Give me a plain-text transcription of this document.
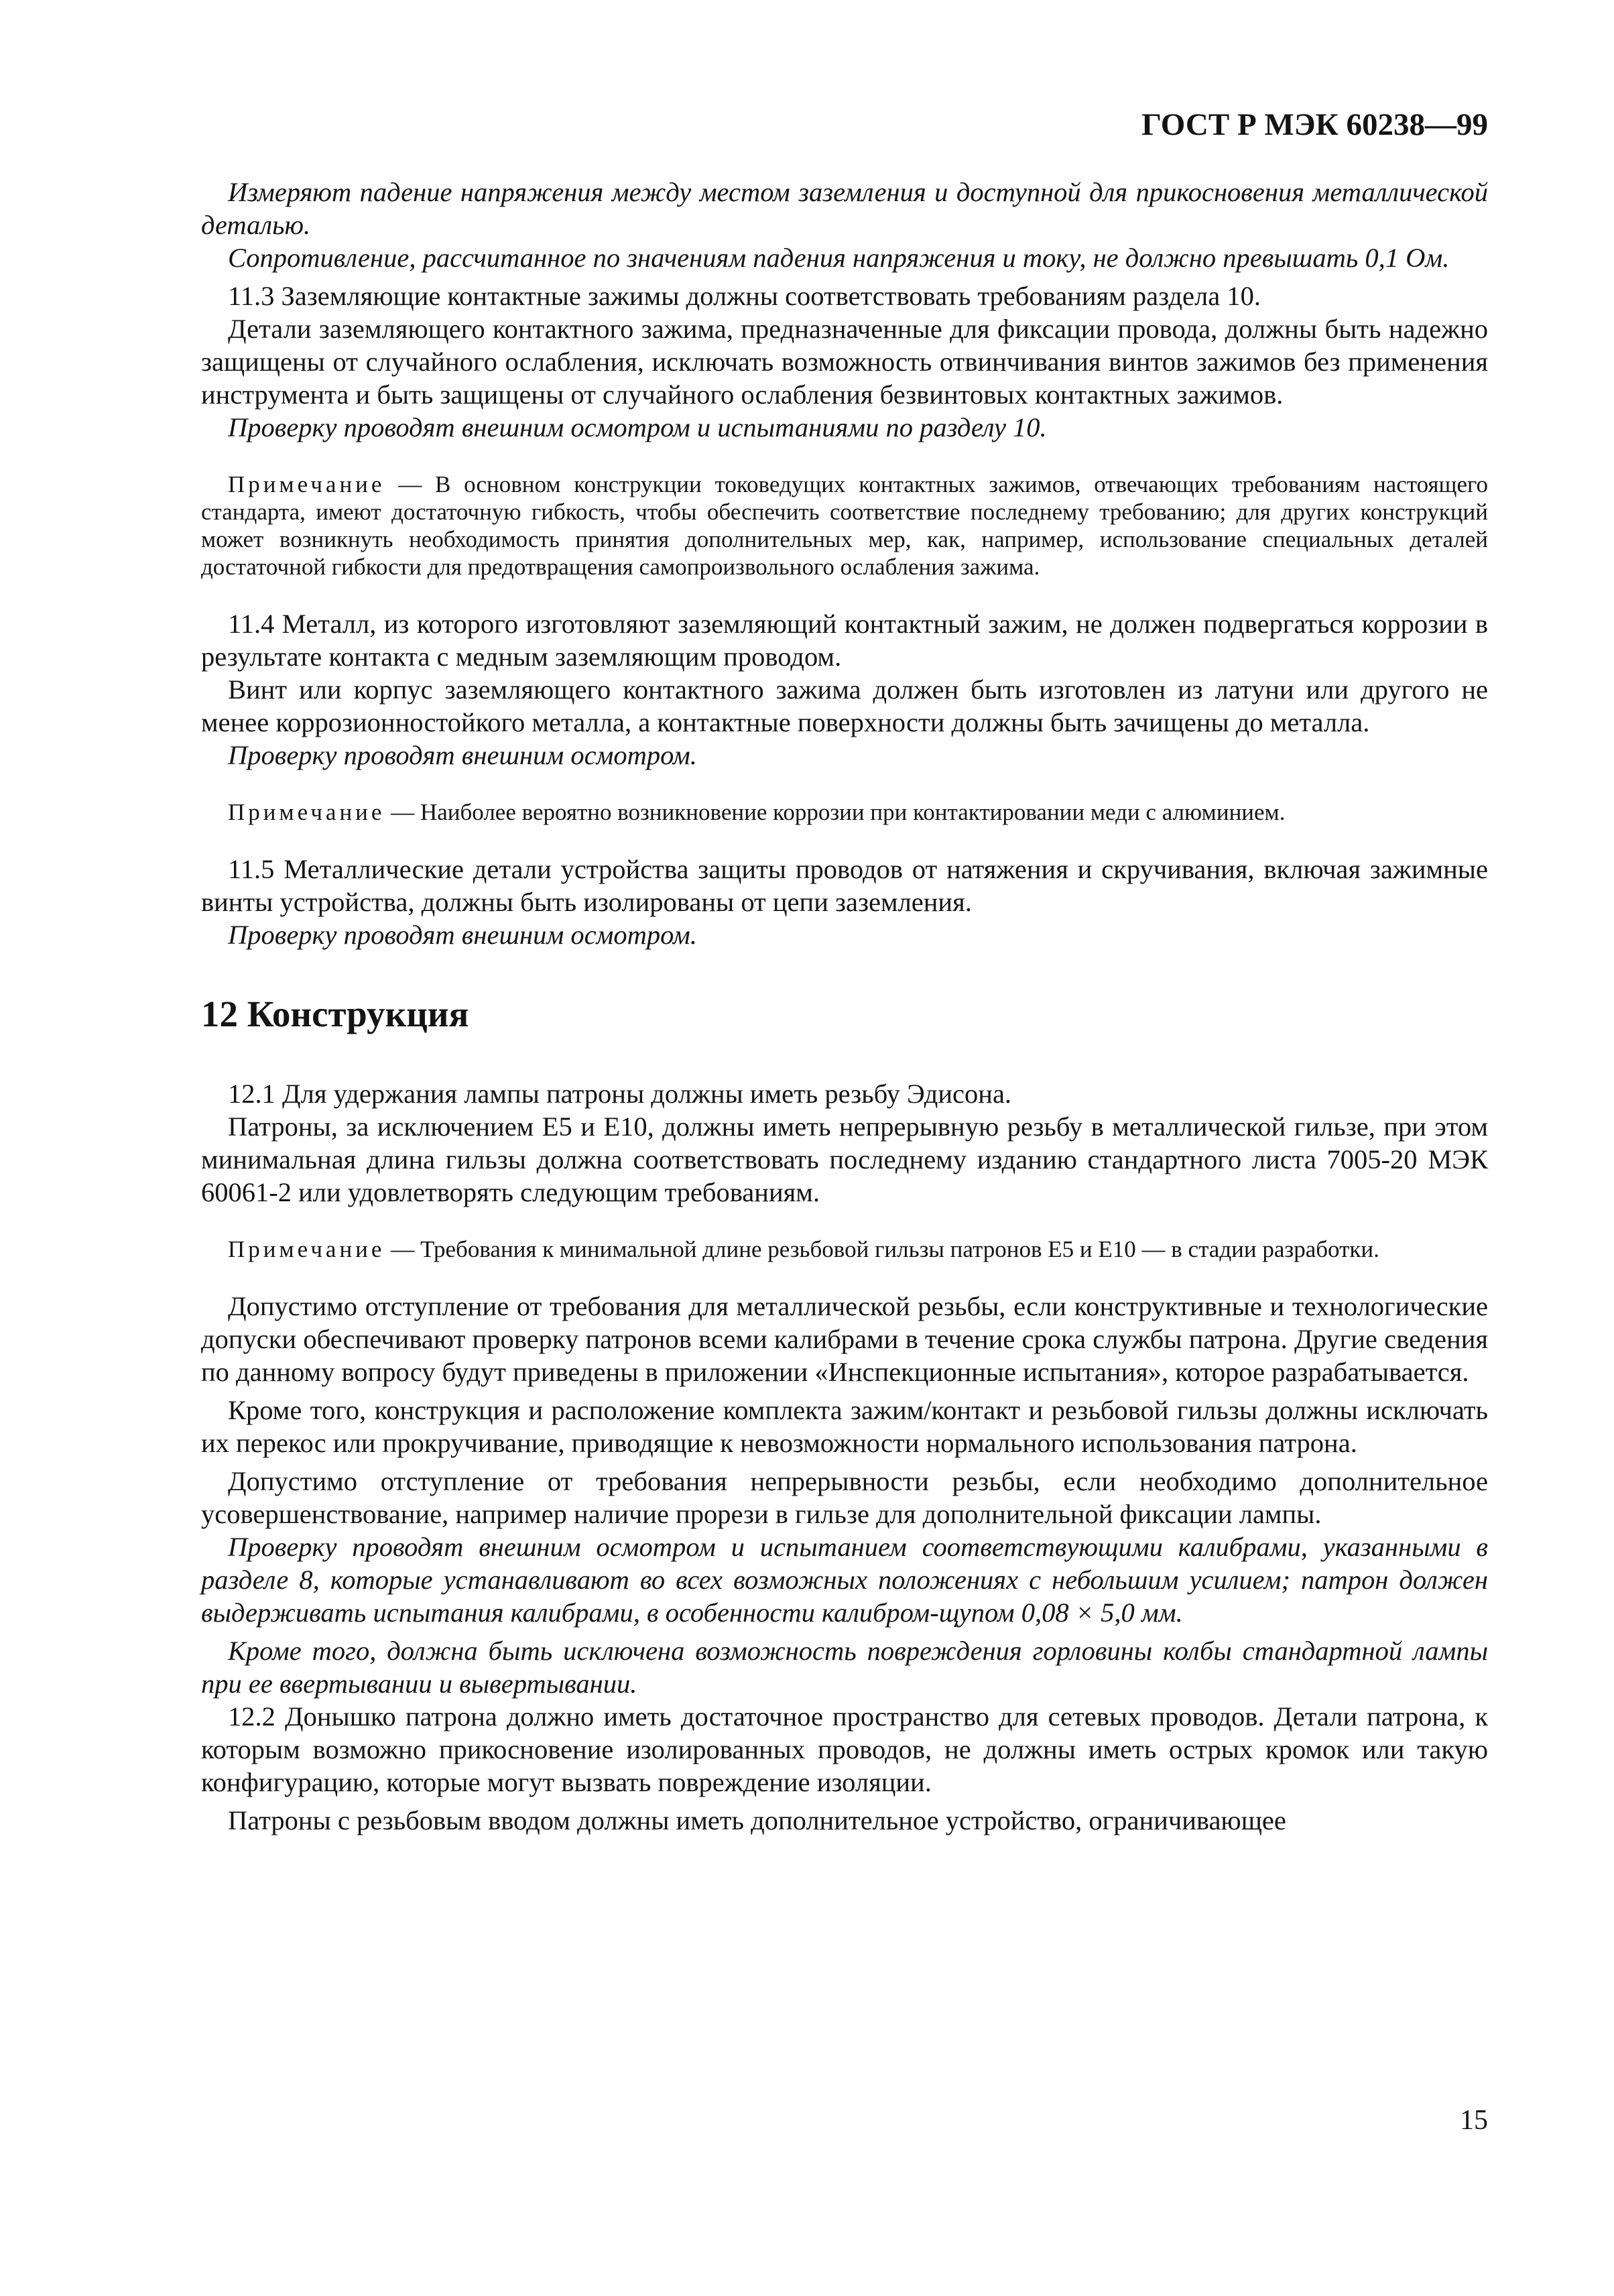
ГОСТ Р МЭК 60238—99

Измеряют падение напряжения между местом заземления и доступной для прикосновения металлической деталью.

Сопротивление, рассчитанное по значениям падения напряжения и току, не должно превышать 0,1 Ом.

11.3 Заземляющие контактные зажимы должны соответствовать требованиям раздела 10.

Детали заземляющего контактного зажима, предназначенные для фиксации провода, должны быть надежно защищены от случайного ослабления, исключать возможность отвинчивания винтов зажимов без применения инструмента и быть защищены от случайного ослабления безвинтовых контактных зажимов.

Проверку проводят внешним осмотром и испытаниями по разделу 10.

Примечание — В основном конструкции токоведущих контактных зажимов, отвечающих требованиям настоящего стандарта, имеют достаточную гибкость, чтобы обеспечить соответствие последнему требованию; для других конструкций может возникнуть необходимость принятия дополнительных мер, как, например, использование специальных деталей достаточной гибкости для предотвращения самопроизвольного ослабления зажима.

11.4 Металл, из которого изготовляют заземляющий контактный зажим, не должен подвергаться коррозии в результате контакта с медным заземляющим проводом.

Винт или корпус заземляющего контактного зажима должен быть изготовлен из латуни или другого не менее коррозионностойкого металла, а контактные поверхности должны быть зачищены до металла.

Проверку проводят внешним осмотром.

Примечание — Наиболее вероятно возникновение коррозии при контактировании меди с алюминием.

11.5 Металлические детали устройства защиты проводов от натяжения и скручивания, включая зажимные винты устройства, должны быть изолированы от цепи заземления.

Проверку проводят внешним осмотром.

12 Конструкция

12.1 Для удержания лампы патроны должны иметь резьбу Эдисона.

Патроны, за исключением E5 и E10, должны иметь непрерывную резьбу в металлической гильзе, при этом минимальная длина гильзы должна соответствовать последнему изданию стандартного листа 7005-20 МЭК 60061-2 или удовлетворять следующим требованиям.

Примечание — Требования к минимальной длине резьбовой гильзы патронов E5 и E10 — в стадии разработки.

Допустимо отступление от требования для металлической резьбы, если конструктивные и технологические допуски обеспечивают проверку патронов всеми калибрами в течение срока службы патрона. Другие сведения по данному вопросу будут приведены в приложении «Инспекционные испытания», которое разрабатывается.

Кроме того, конструкция и расположение комплекта зажим/контакт и резьбовой гильзы должны исключать их перекос или прокручивание, приводящие к невозможности нормального использования патрона.

Допустимо отступление от требования непрерывности резьбы, если необходимо дополнительное усовершенствование, например наличие прорези в гильзе для дополнительной фиксации лампы.

Проверку проводят внешним осмотром и испытанием соответствующими калибрами, указанными в разделе 8, которые устанавливают во всех возможных положениях с небольшим усилием; патрон должен выдерживать испытания калибрами, в особенности калибром-щупом 0,08 × 5,0 мм.

Кроме того, должна быть исключена возможность повреждения горловины колбы стандартной лампы при ее ввертывании и вывертывании.

12.2 Донышко патрона должно иметь достаточное пространство для сетевых проводов. Детали патрона, к которым возможно прикосновение изолированных проводов, не должны иметь острых кромок или такую конфигурацию, которые могут вызвать повреждение изоляции.

Патроны с резьбовым вводом должны иметь дополнительное устройство, ограничивающее

15
